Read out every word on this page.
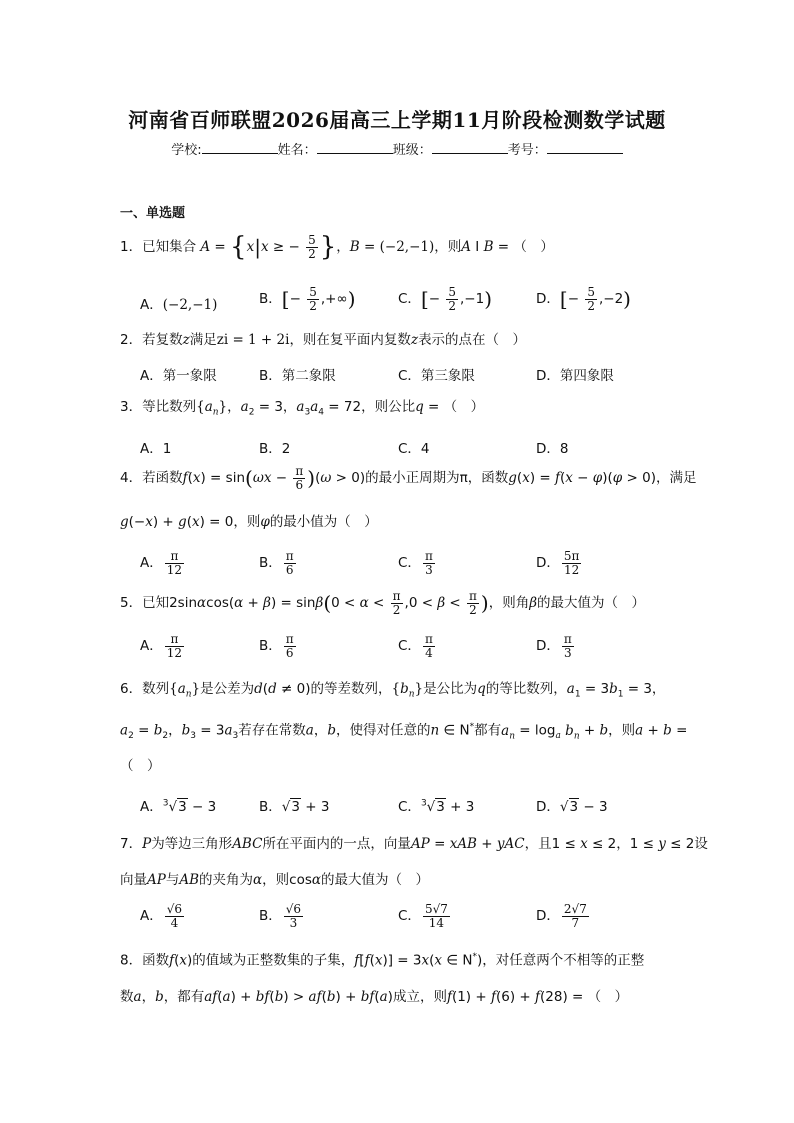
河南省百师联盟2026届高三上学期11月阶段检测数学试题
学校:	姓名：	班级：	考号：
一、单选题
1．已知集合 A = {x|x ≥ − $\frac{5}{2}$ }，B = (−2,−1)，则A I B = （　）
A．(−2,−1)	B．[− $\frac{5}{2}$ ,+∞)	C．[− $\frac{5}{2} ,-1$)	D．[− $\frac{5}{2} ,-2$)
2．若复数z满足zi = 1 + 2i，则在复平面内复数z表示的点在（　）
A．第一象限	B．第二象限	C．第三象限	D．第四象限
3．等比数列$\{a_n\}$，$a_2 = 3$，$a_3a_4 = 72$，则公比q = （　）
A．1	B．2	C．4	D．8
4．若函数$f(x) = \sin(\omega x - \frac{\pi}{6} )(\omega > 0)$的最小正周期为π，函数g(x) = f(x − φ)(φ > 0)，满足
g(−x) + g(x) = 0，则φ的最小值为（　）
A． $\frac{\pi}{12}$	B． $\frac{\pi}{6}$	C． $\frac{\pi}{3}$	D． $\frac{5\pi}{12}$
5．已知$2\sin\alpha\cos(\alpha + \beta) = \sin\beta(0 < \alpha < \frac{\pi}{2} ,0 < \beta < \frac{\pi}{2}$ )，则角β的最大值为（　）
A． $\frac{\pi}{12}$	B． $\frac{\pi}{6}$	C． $\frac{\pi}{4}$	D． $\frac{\pi}{3}$
6．数列$\{a_n\}$是公差为d(d ≠ 0)的等差数列，$\{b_n\}$是公比为q的等比数列，$a_1 = 3b_1 = 3$，
$a_2 = b_2$，$b_3 = 3a_3$若存在常数a，b，使得对任意的n ∈ N*都有$a_n = \log_a b_n + b$，则a + b =
（　）
A．$^3$√3 − 3	B．√3 + 3	C．$^3$√3 + 3	D．√3 − 3
7．P为等边三角形ABC所在平面内的一点，向量AP = xAB + yAC，且1 ≤ x ≤ 2，1 ≤ y ≤ 2设
向量AP与AB的夹角为α，则cosα的最大值为（　）
A． $\frac{√6}{4}$	B． $\frac{√6}{3}$	C． $\frac{5√7}{14}$	D． $\frac{2√7}{7}$
8．函数f(x)的值域为正整数集的子集，f[f(x)] = 3x(x ∈ N*)，对任意两个不相等的正整
数a，b，都有af(a) + bf(b) > af(b) + bf(a)成立，则f(1) + f(6) + f(28) = （　）
